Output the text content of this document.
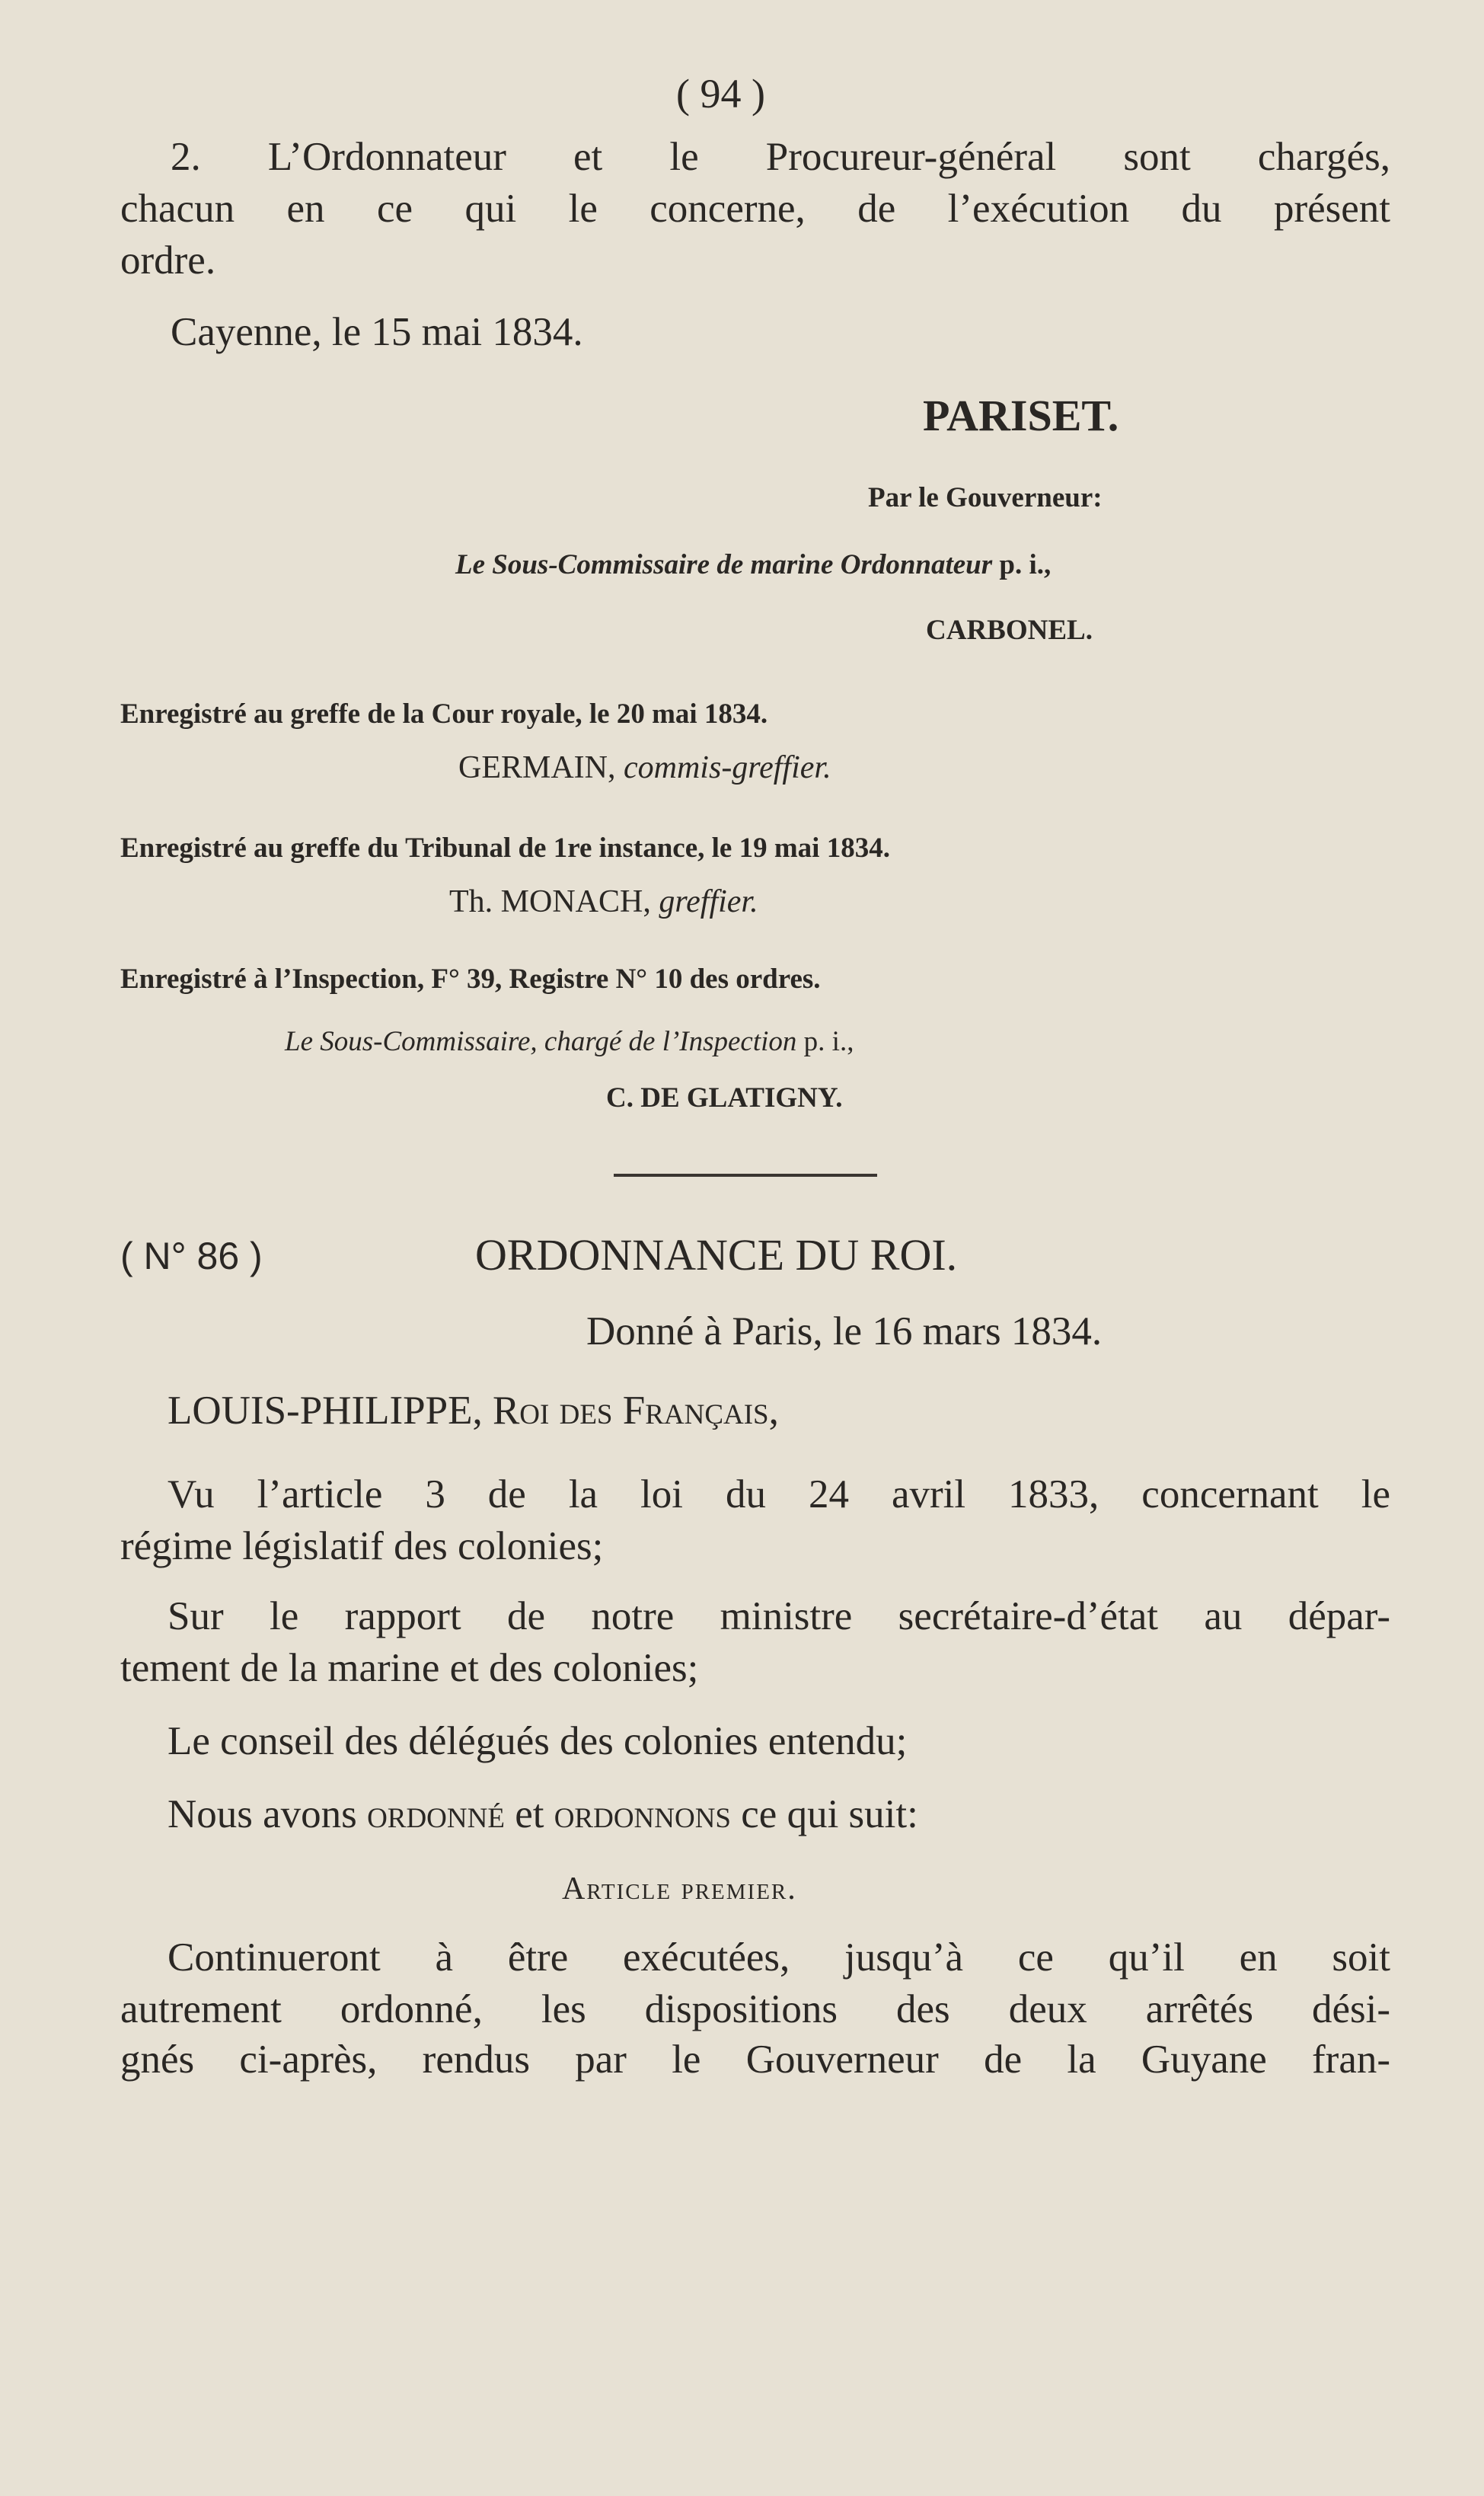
( 94 )
2. L’Ordonnateur et le Procureur-général sont chargés,
chacun en ce qui le concerne, de l’exécution du présent
ordre.
Cayenne, le 15 mai 1834.
PARISET.
Par le Gouverneur:
Le Sous-Commissaire de marine Ordonnateur p. i.,
CARBONEL.
Enregistré au greffe de la Cour royale, le 20 mai 1834.
GERMAIN, commis-greffier.
Enregistré au greffe du Tribunal de 1re instance, le 19 mai 1834.
Th. MONACH, greffier.
Enregistré à l’Inspection, F° 39, Registre N° 10 des ordres.
Le Sous-Commissaire, chargé de l’Inspection p. i.,
C. DE GLATIGNY.
( N° 86 )	ORDONNANCE DU ROI.
Donné à Paris, le 16 mars 1834.
LOUIS-PHILIPPE, Roi des Français,
Vu l’article 3 de la loi du 24 avril 1833, concernant le
régime législatif des colonies;
Sur le rapport de notre ministre secrétaire-d’état au dépar-
tement de la marine et des colonies;
Le conseil des délégués des colonies entendu;
Nous avons ordonné et ordonnons ce qui suit:
Article premier.
Continueront à être exécutées, jusqu’à ce qu’il en soit
autrement ordonné, les dispositions des deux arrêtés dési-
gnés ci-après, rendus par le Gouverneur de la Guyane fran-
